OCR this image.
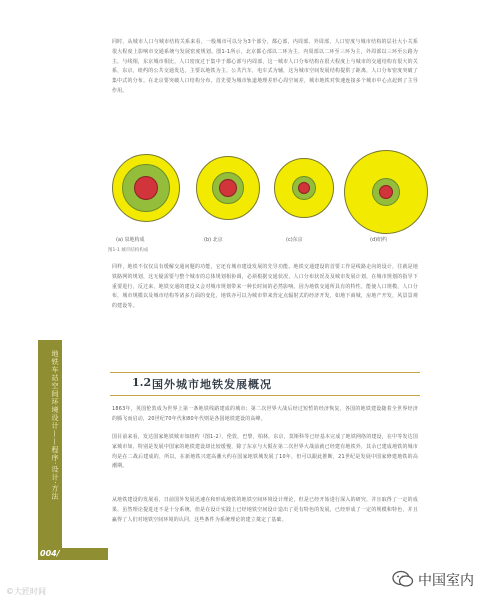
同时，从城市人口与城市结构关系来看，一般城市可以分为3个部分，都心部、内周部、外周部，人口密度与城市结构的层社大小关系很大程度上影响市交通系统与发展密度规划。图1-1所示，北京都心部以二环为主，内周部以二环至三环为主，外周部以三环至公路为主，与线相，东京城市相比，人口密度过于集中于都心部与内周部，这一城市人口分布结构在很大程度上与城市的交通结构有很大的关系，东京，纽约的公共交通发达，主要以地铁为主，公共汽车，电车式为辅，这为城市空间发展结构提供了距离，人口分布密度突破了集中式的分布。在北京要突破人口结构分布，首先要为城市轨道地理差形心周空间差，城市地铁对快速连接多个城市中心点起到了主导作用。

(a) 泉地构成	(b) 北京	(c)东京	(d)纽约
图1-1 城市结构构成

同样，地铁不仅仅具有缓解交通问题的功能，它还有城市建设发展的先导功能。地铁交通建设的首要工作是线路走向的设计，往就是地铁路网的规划，这无疑需要与整个城市的总体规划相协调，必须根据交通状况，人口分布状况及及城市发展计划，在城市规划的指导下重要进行，反过来，地铁交通的建设又会对城市规划带来一种长时间的必然影响。因为地铁交通所具有的特性，能使人口规模，人口分布，城市规模以及城市结构等诸多方面的变化，地铁亦可以为城市带来营定点辐射式的经济开发，如地下商城，房地产开发，风景景观的建设等。

1.2 国外城市地铁发展概况

1863年，英国伦敦成为世界上第一条地铁线路建成的城市；第二次世界大战后经过短暂的经济恢复，各国的地铁建设随着全世界经济的腾飞而启动，20世纪70年代和80年代则是各国地铁建设的高峰。

国目前来看，发达国家地铁城市如纽约（图1-2），伦敦，巴黎，柏林，东京，莫斯科等已经基本完成了地铁网络的建设，在中等发达国家城市如，特别是发展中国家的地铁建设却比较缓慢，除了东京与大阪在第二次世界大战前就已经建有地铁外，其余已建成地铁的城市均是在二战后建成的，所以，在新地铁兴建高潮大约在国家地铁城发展了10年，但可以跟此推断，21世纪是发展中国家修建地铁的高潮期。

从地铁建设的发展看，日前国外发展迅速在和形成地铁的地铁空间环境设计理论，但是已经开始进行深入的研究，并且取得了一定的成果，虽然理论提进还不是十分系统，但是在设计实践上已经地铁空间设计造出了更有特色的发展，已经形成了一定的规模和特色，并且赢得了人们对地铁空间环境的认同，这些条件为系统理论的建立奠定了基础。

地铁车站空间环境设计——程序·设计·方法
004/
©大匠时间
中国室内
